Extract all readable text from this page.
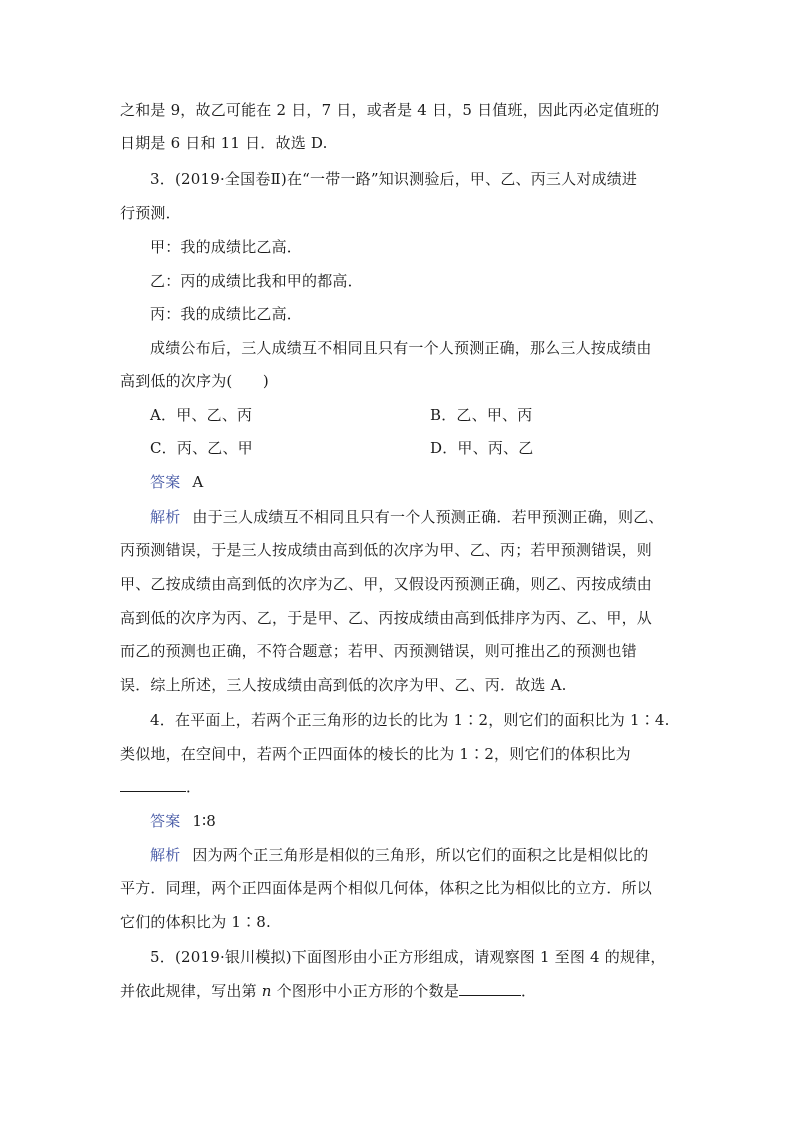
之和是 9，故乙可能在 2 日，7 日，或者是 4 日，5 日值班，因此丙必定值班的
日期是 6 日和 11 日．故选 D.
3．(2019·全国卷Ⅱ)在“一带一路”知识测验后，甲、乙、丙三人对成绩进
行预测．
甲：我的成绩比乙高．
乙：丙的成绩比我和甲的都高．
丙：我的成绩比乙高．
成绩公布后，三人成绩互不相同且只有一个人预测正确，那么三人按成绩由
高到低的次序为(　　)
A．甲、乙、丙	B．乙、甲、丙
C．丙、乙、甲	D．甲、丙、乙
答案 A
解析 由于三人成绩互不相同且只有一个人预测正确．若甲预测正确，则乙、
丙预测错误，于是三人按成绩由高到低的次序为甲、乙、丙；若甲预测错误，则
甲、乙按成绩由高到低的次序为乙、甲，又假设丙预测正确，则乙、丙按成绩由
高到低的次序为丙、乙，于是甲、乙、丙按成绩由高到低排序为丙、乙、甲，从
而乙的预测也正确，不符合题意；若甲、丙预测错误，则可推出乙的预测也错
误．综上所述，三人按成绩由高到低的次序为甲、乙、丙．故选 A.
4．在平面上，若两个正三角形的边长的比为 1∶2，则它们的面积比为 1∶4.
类似地，在空间中，若两个正四面体的棱长的比为 1∶2，则它们的体积比为
．
答案 1∶8
解析 因为两个正三角形是相似的三角形，所以它们的面积之比是相似比的
平方．同理，两个正四面体是两个相似几何体，体积之比为相似比的立方．所以
它们的体积比为 1∶8.
5．(2019·银川模拟)下面图形由小正方形组成，请观察图 1 至图 4 的规律，
并依此规律，写出第 n 个图形中小正方形的个数是	．
